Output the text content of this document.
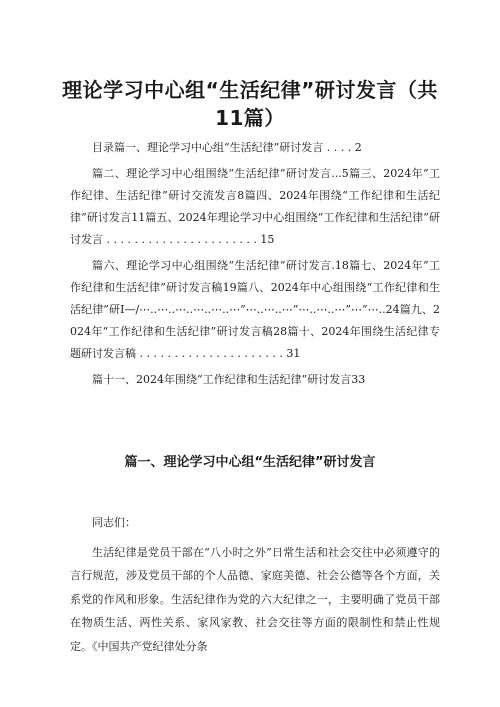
理论学习中心组“生活纪律”研讨发言（共11篇）

目录篇一、理论学习中心组“生活纪律”研讨发言 . . . . 2

篇二、理论学习中心组围绕“生活纪律”研讨发言...5篇三、2024年“工作纪律、生活纪律”研讨交流发言8篇四、2024年围绕“工作纪律和生活纪律”研讨发言11篇五、2024年理论学习中心组围绕“工作纪律和生活纪律”研讨发言 . . . . . . . . . . . . . . . . . . . . . . 15

篇六、理论学习中心组围绕“生活纪律”研讨发言.18篇七、2024年“工作纪律和生活纪律”研讨发言稿19篇八、2024年中心组围绕“工作纪律和生活纪律”研I—/⋯..⋯..⋯..⋯..⋯..⋯”⋯..⋯..⋯”⋯..⋯..⋯”⋯”⋯..24篇九、2024年“工作纪律和生活纪律”研讨发言稿28篇十、2024年围绕生活纪律专题研讨发言稿 . . . . . . . . . . . . . . . . . . . . . 31

篇十一、2024年围绕“工作纪律和生活纪律”研讨发言33

篇一、理论学习中心组“生活纪律”研讨发言

同志们：

生活纪律是党员干部在“八小时之外”日常生活和社会交往中必须遵守的言行规范，涉及党员干部的个人品德、家庭美德、社会公德等各个方面，关系党的作风和形象。生活纪律作为党的六大纪律之一，主要明确了党员干部在物质生活、两性关系、家风家教、社会交往等方面的限制性和禁止性规定。《中国共产党纪律处分条
